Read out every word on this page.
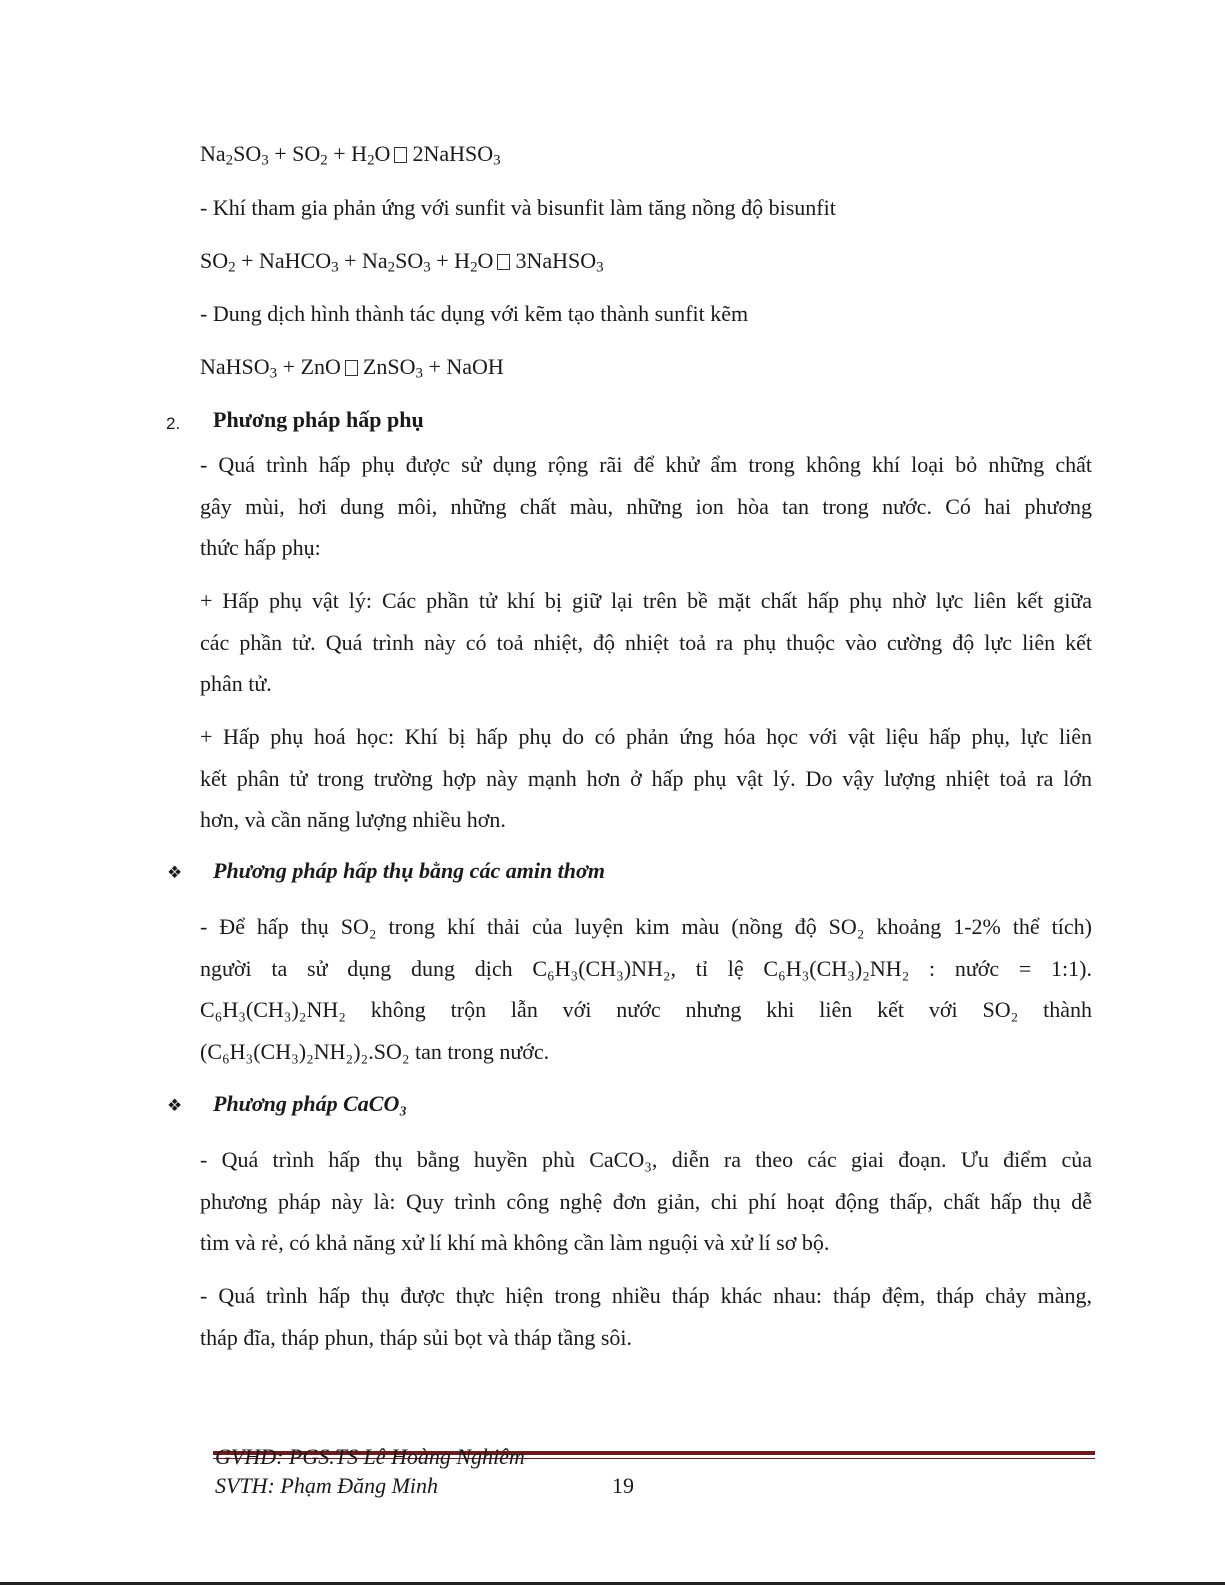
$Na_2SO_3 + SO_2 + H_2O$ 2NaHSO$_3$
- Khí tham gia phản ứng với sunfit và bisunfit làm tăng nồng độ bisunfit
$SO_2$ + NaHCO$_3$ + $Na_2SO_3 + H_2O$ 3NaHSO$_3$
- Dung dịch hình thành tác dụng với kẽm tạo thành sunfit kẽm
NaHSO$_3$ + ZnO ZnSO$_3$ + NaOH
2. Phương pháp hấp phụ
- Quá trình hấp phụ được sử dụng rộng rãi để khử ẩm trong không khí loại bỏ những chất
gây mùi, hơi dung môi, những chất màu, những ion hòa tan trong nước. Có hai phương
thức hấp phụ:
+ Hấp phụ vật lý: Các phần tử khí bị giữ lại trên bề mặt chất hấp phụ nhờ lực liên kết giữa
các phần tử. Quá trình này có toả nhiệt, độ nhiệt toả ra phụ thuộc vào cường độ lực liên kết
phân tử.
+ Hấp phụ hoá học: Khí bị hấp phụ do có phản ứng hóa học với vật liệu hấp phụ, lực liên
kết phân tử trong trường hợp này mạnh hơn ở hấp phụ vật lý. Do vậy lượng nhiệt toả ra lớn
hơn, và cần năng lượng nhiều hơn.
❖ Phương pháp hấp thụ bằng các amin thơm
- Để hấp thụ SO₂ trong khí thải của luyện kim màu (nồng độ SO₂ khoảng 1-2% thể tích)
người ta sử dụng dung dịch C₆H₃(CH₃)NH₂, tỉ lệ C₆H₃(CH₃)₂NH₂ : nước = 1:1).
C₆H₃(CH₃)₂NH₂ không trộn lẫn với nước nhưng khi liên kết với SO₂ thành
(C₆H₃(CH₃)₂NH₂)₂.SO₂ tan trong nước.
❖ Phương pháp CaCO₃
- Quá trình hấp thụ bằng huyền phù CaCO₃, diễn ra theo các giai đoạn. Ưu điểm của
phương pháp này là: Quy trình công nghệ đơn giản, chi phí hoạt động thấp, chất hấp thụ dễ
tìm và rẻ, có khả năng xử lí khí mà không cần làm nguội và xử lí sơ bộ.
- Quá trình hấp thụ được thực hiện trong nhiều tháp khác nhau: tháp đệm, tháp chảy màng,
tháp đĩa, tháp phun, tháp sủi bọt và tháp tầng sôi.
GVHD: PGS.TS Lê Hoàng Nghiêm
SVTH: Phạm Đăng Minh	19
